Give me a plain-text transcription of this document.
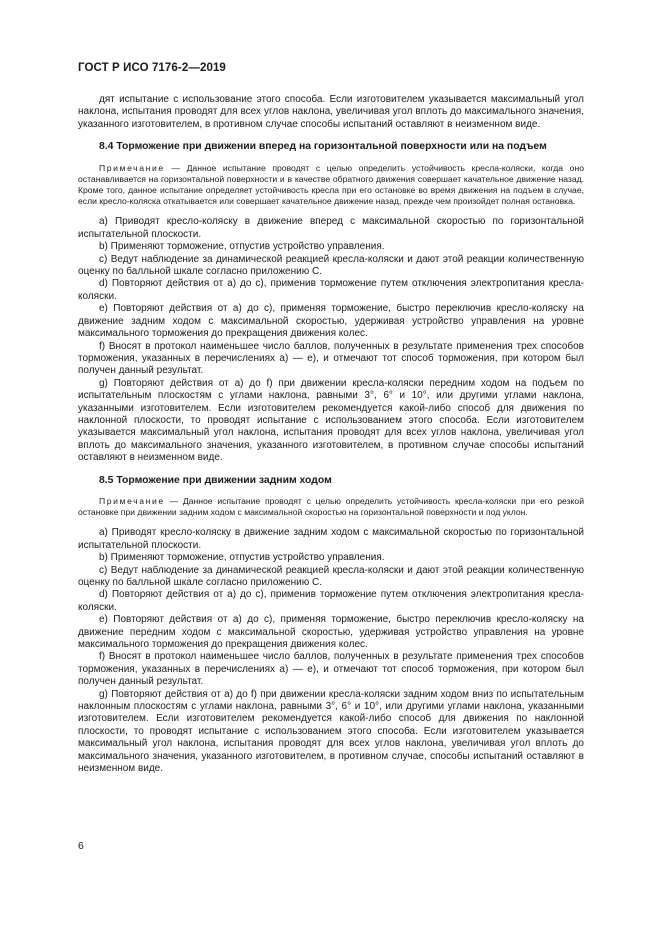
ГОСТ Р ИСО 7176-2—2019

дят испытание с использование этого способа. Если изготовителем указывается максимальный угол наклона, испытания проводят для всех углов наклона, увеличивая угол вплоть до максимального значения, указанного изготовителем, в противном случае способы испытаний оставляют в неизменном виде.

8.4 Торможение при движении вперед на горизонтальной поверхности или на подъем

Примечание — Данное испытание проводят с целью определить устойчивость кресла-коляски, когда оно останавливается на горизонтальной поверхности и в качестве обратного движения совершает качательное движение назад. Кроме того, данное испытание определяет устойчивость кресла при его остановке во время движения на подъем в случае, если кресло-коляска откатывается или совершает качательное движение назад, прежде чем произойдет полная остановка.

а) Приводят кресло-коляску в движение вперед с максимальной скоростью по горизонтальной испытательной плоскости.

b) Применяют торможение, отпустив устройство управления.

с) Ведут наблюдение за динамической реакцией кресла-коляски и дают этой реакции количественную оценку по балльной шкале согласно приложению С.

d) Повторяют действия от а) до с), применив торможение путем отключения электропитания кресла-коляски.

е) Повторяют действия от а) до с), применяя торможение, быстро переключив кресло-коляску на движение задним ходом с максимальной скоростью, удерживая устройство управления на уровне максимального торможения до прекращения движения колес.

f) Вносят в протокол наименьшее число баллов, полученных в результате применения трех способов торможения, указанных в перечислениях а) — е), и отмечают тот способ торможения, при котором был получен данный результат.

g) Повторяют действия от а) до f) при движении кресла-коляски передним ходом на подъем по испытательным плоскостям с углами наклона, равными 3°, 6° и 10°, или другими углами наклона, указанными изготовителем. Если изготовителем рекомендуется какой-либо способ для движения по наклонной плоскости, то проводят испытание с использованием этого способа. Если изготовителем указывается максимальный угол наклона, испытания проводят для всех углов наклона, увеличивая угол вплоть до максимального значения, указанного изготовителем, в противном случае способы испытаний оставляют в неизменном виде.

8.5 Торможение при движении задним ходом

Примечание — Данное испытание проводят с целью определить устойчивость кресла-коляски при его резкой остановке при движении задним ходом с максимальной скоростью на горизонтальной поверхности и под уклон.

а) Приводят кресло-коляску в движение задним ходом с максимальной скоростью по горизонтальной испытательной плоскости.

b) Применяют торможение, отпустив устройство управления.

с) Ведут наблюдение за динамической реакцией кресла-коляски и дают этой реакции количественную оценку по балльной шкале согласно приложению С.

d) Повторяют действия от а) до с), применив торможение путем отключения электропитания кресла-коляски.

е) Повторяют действия от а) до с), применяя торможение, быстро переключив кресло-коляску на движение передним ходом с максимальной скоростью, удерживая устройство управления на уровне максимального торможения до прекращения движения колес.

f) Вносят в протокол наименьшее число баллов, полученных в результате применения трех способов торможения, указанных в перечислениях а) — е), и отмечают тот способ торможения, при котором был получен данный результат.

g) Повторяют действия от а) до f) при движении кресла-коляски задним ходом вниз по испытательным наклонным плоскостям с углами наклона, равными 3°, 6° и 10°, или другими углами наклона, указанными изготовителем. Если изготовителем рекомендуется какой-либо способ для движения по наклонной плоскости, то проводят испытание с использованием этого способа. Если изготовителем указывается максимальный угол наклона, испытания проводят для всех углов наклона, увеличивая угол вплоть до максимального значения, указанного изготовителем, в противном случае, способы испытаний оставляют в неизменном виде.

6
